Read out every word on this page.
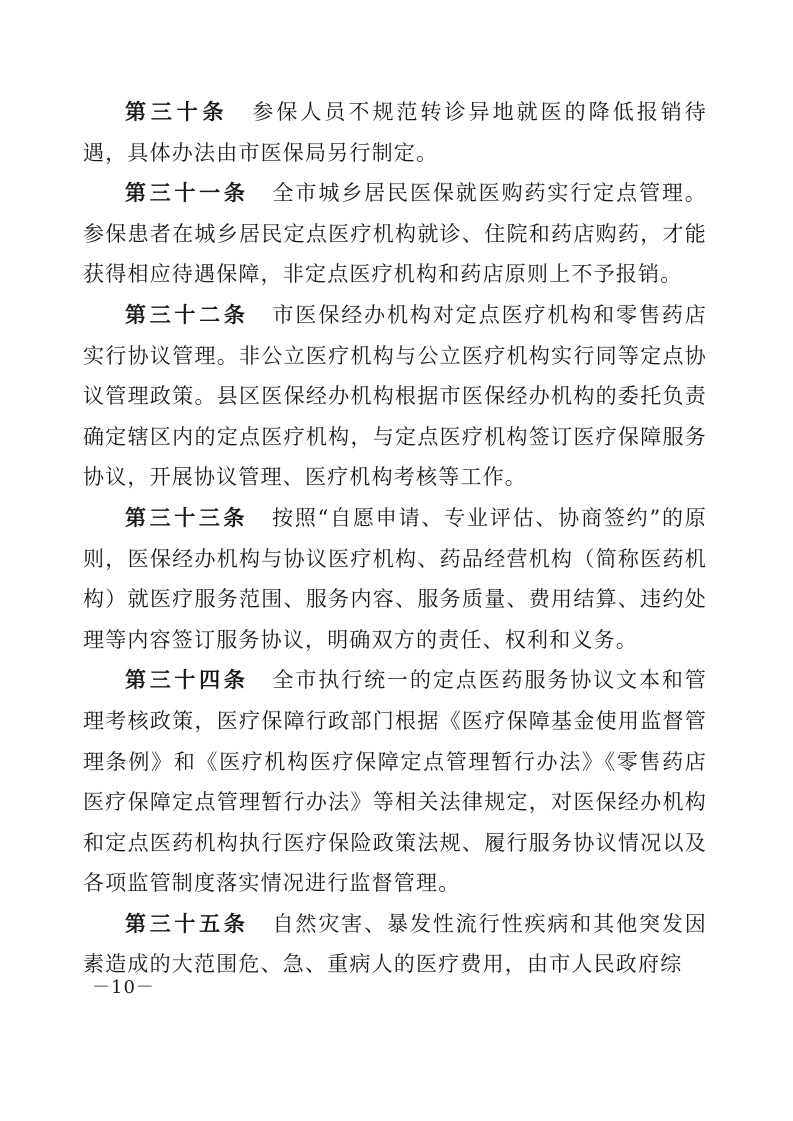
第三十条 参保人员不规范转诊异地就医的降低报销待遇，具体办法由市医保局另行制定。

第三十一条 全市城乡居民医保就医购药实行定点管理。参保患者在城乡居民定点医疗机构就诊、住院和药店购药，才能获得相应待遇保障，非定点医疗机构和药店原则上不予报销。

第三十二条 市医保经办机构对定点医疗机构和零售药店实行协议管理。非公立医疗机构与公立医疗机构实行同等定点协议管理政策。县区医保经办机构根据市医保经办机构的委托负责确定辖区内的定点医疗机构，与定点医疗机构签订医疗保障服务协议，开展协议管理、医疗机构考核等工作。

第三十三条 按照“自愿申请、专业评估、协商签约”的原则，医保经办机构与协议医疗机构、药品经营机构（简称医药机构）就医疗服务范围、服务内容、服务质量、费用结算、违约处理等内容签订服务协议，明确双方的责任、权利和义务。

第三十四条 全市执行统一的定点医药服务协议文本和管理考核政策，医疗保障行政部门根据《医疗保障基金使用监督管理条例》和《医疗机构医疗保障定点管理暂行办法》《零售药店医疗保障定点管理暂行办法》等相关法律规定，对医保经办机构和定点医药机构执行医疗保险政策法规、履行服务协议情况以及各项监管制度落实情况进行监督管理。

第三十五条 自然灾害、暴发性流行性疾病和其他突发因素造成的大范围危、急、重病人的医疗费用，由市人民政府综

－10－
